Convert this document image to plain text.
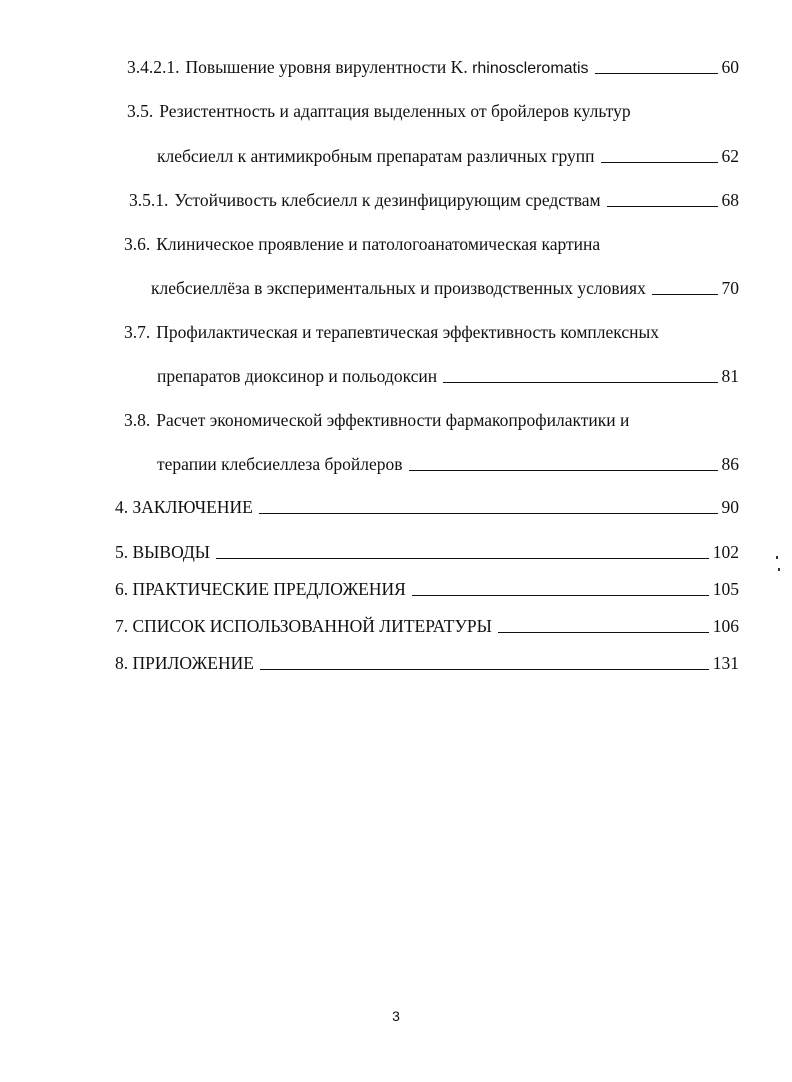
3.4.2.1. Повышение уровня вирулентности K.
rhinoscleromatis	60
3.5. Резистентность и адаптация выделенных от бройлеров культур
клебсиелл к антимикробным препаратам различных групп	62
3.5.1. Устойчивость клебсиелл к дезинфицирующим средствам	68
3.6. Клиническое проявление и патологоанатомическая картина
клебсиеллёза в экспериментальных и производственных условиях	70
3.7. Профилактическая и терапевтическая эффективность комплексных
препаратов диоксинор и польодоксин	81
3.8. Расчет экономической эффективности фармакопрофилактики и
терапии клебсиеллеза бройлеров	86
4. ЗАКЛЮЧЕНИЕ	90
5. ВЫВОДЫ	102
6. ПРАКТИЧЕСКИЕ ПРЕДЛОЖЕНИЯ	105
7. СПИСОК ИСПОЛЬЗОВАННОЙ ЛИТЕРАТУРЫ	106
8. ПРИЛОЖЕНИЕ	131
3
